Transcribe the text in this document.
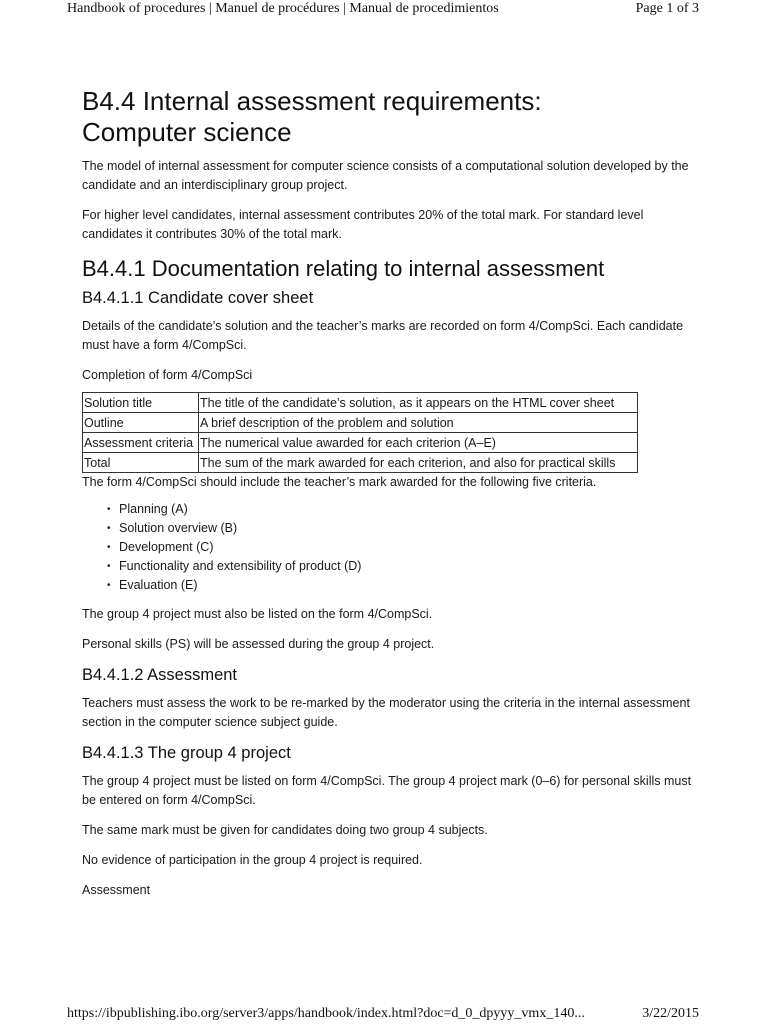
Handbook of procedures | Manuel de procédures | Manual de procedimientos	Page 1 of 3
B4.4 Internal assessment requirements:
Computer science

The model of internal assessment for computer science consists of a computational solution developed by the candidate and an interdisciplinary group project.

For higher level candidates, internal assessment contributes 20% of the total mark. For standard level candidates it contributes 30% of the total mark.

B4.4.1 Documentation relating to internal assessment
B4.4.1.1 Candidate cover sheet

Details of the candidate’s solution and the teacher’s marks are recorded on form 4/CompSci. Each candidate must have a form 4/CompSci.

Completion of form 4/CompSci

Solution title	The title of the candidate’s solution, as it appears on the HTML cover sheet
Outline	A brief description of the problem and solution
Assessment criteria	The numerical value awarded for each criterion (A–E)
Total	The sum of the mark awarded for each criterion, and also for practical skills

The form 4/CompSci should include the teacher’s mark awarded for the following five criteria.

• Planning (A)
• Solution overview (B)
• Development (C)
• Functionality and extensibility of product (D)
• Evaluation (E)

The group 4 project must also be listed on the form 4/CompSci.

Personal skills (PS) will be assessed during the group 4 project.

B4.4.1.2 Assessment

Teachers must assess the work to be re-marked by the moderator using the criteria in the internal assessment section in the computer science subject guide.

B4.4.1.3 The group 4 project

The group 4 project must be listed on form 4/CompSci. The group 4 project mark (0–6) for personal skills must be entered on form 4/CompSci.

The same mark must be given for candidates doing two group 4 subjects.

No evidence of participation in the group 4 project is required.

Assessment

https://ibpublishing.ibo.org/server3/apps/handbook/index.html?doc=d_0_dpyyy_vmx_140...	3/22/2015
